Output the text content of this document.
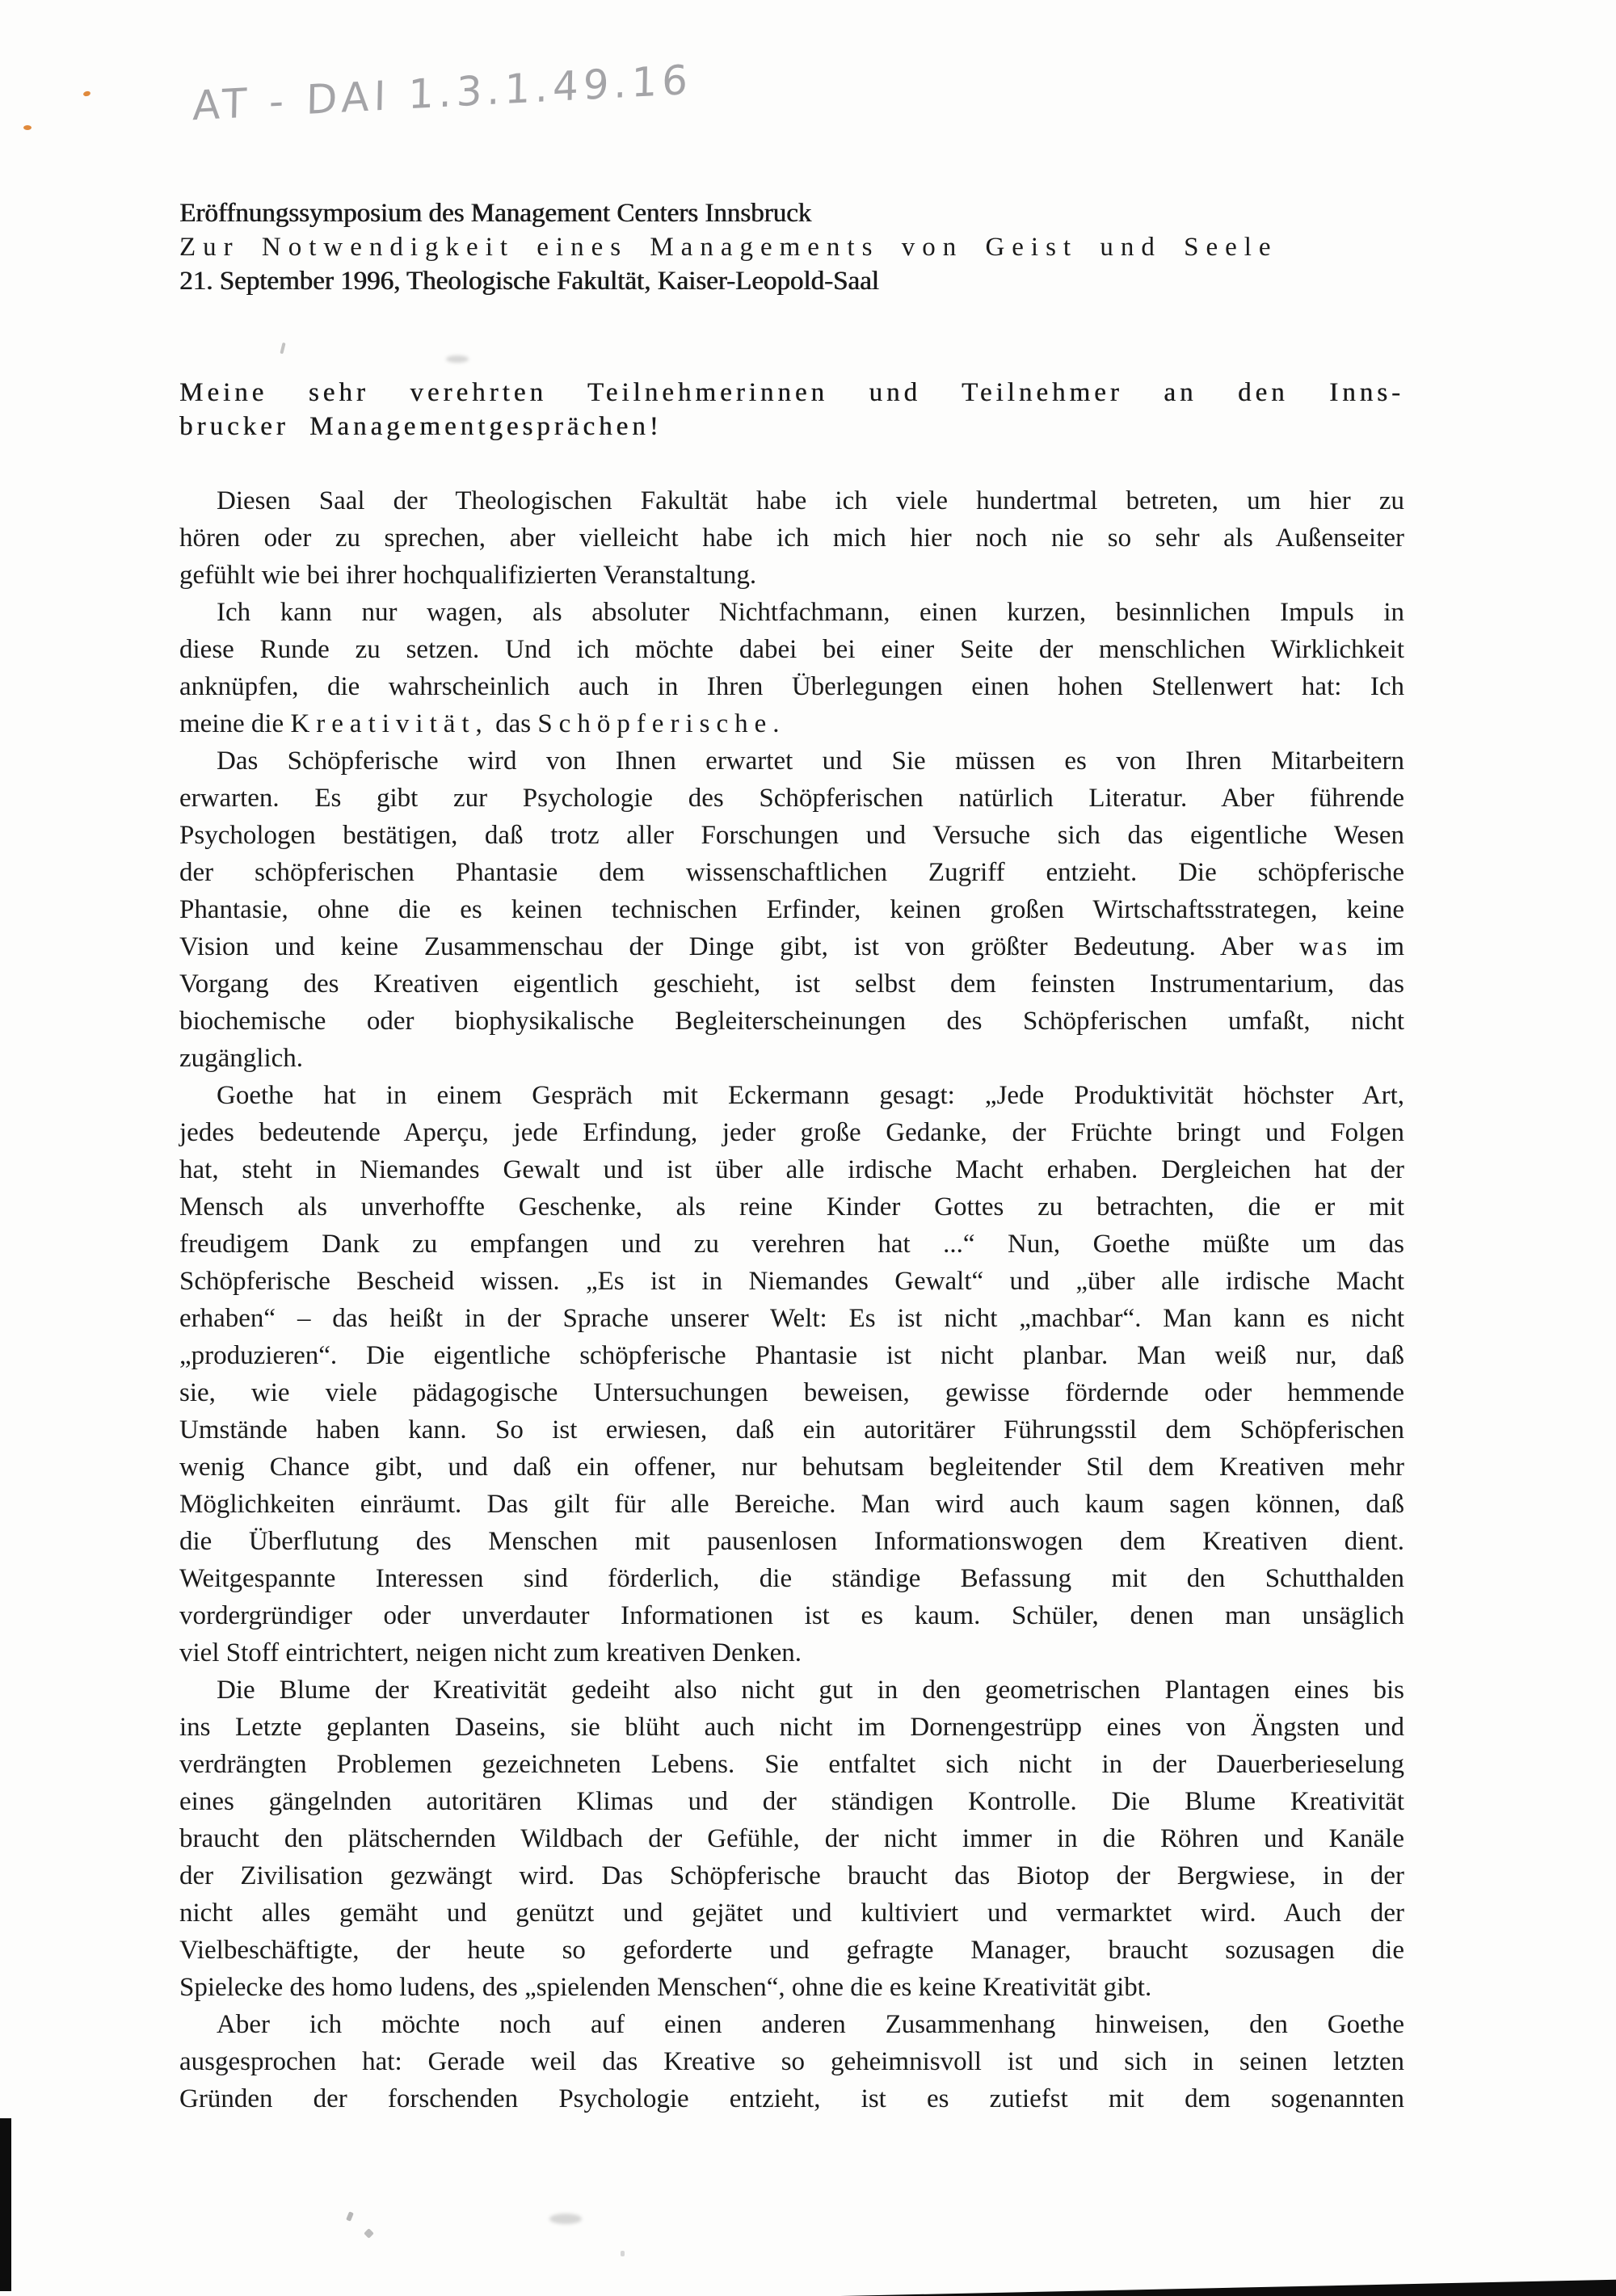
AT - DAI 1.3.1.49.16
Eröffnungssymposium des Management Centers Innsbruck
Zur Notwendigkeit eines Managements von Geist und Seele
21. September 1996, Theologische Fakultät, Kaiser-Leopold-Saal
Meine sehr verehrten Teilnehmerinnen und Teilnehmer an den Inns-
brucker Managementgesprächen!
Diesen Saal der Theologischen Fakultät habe ich viele hundertmal betreten, um hier zu
hören oder zu sprechen, aber vielleicht habe ich mich hier noch nie so sehr als Außenseiter
gefühlt wie bei ihrer hochqualifizierten Veranstaltung.
Ich kann nur wagen, als absoluter Nichtfachmann, einen kurzen, besinnlichen Impuls in
diese Runde zu setzen. Und ich möchte dabei bei einer Seite der menschlichen Wirklichkeit
anknüpfen, die wahrscheinlich auch in Ihren Überlegungen einen hohen Stellenwert hat: Ich
meine die Kreativität, das Schöpferische.
Das Schöpferische wird von Ihnen erwartet und Sie müssen es von Ihren Mitarbeitern
erwarten. Es gibt zur Psychologie des Schöpferischen natürlich Literatur. Aber führende
Psychologen bestätigen, daß trotz aller Forschungen und Versuche sich das eigentliche Wesen
der schöpferischen Phantasie dem wissenschaftlichen Zugriff entzieht. Die schöpferische
Phantasie, ohne die es keinen technischen Erfinder, keinen großen Wirtschaftsstrategen, keine
Vision und keine Zusammenschau der Dinge gibt, ist von größter Bedeutung. Aber was im
Vorgang des Kreativen eigentlich geschieht, ist selbst dem feinsten Instrumentarium, das
biochemische oder biophysikalische Begleiterscheinungen des Schöpferischen umfaßt, nicht
zugänglich.
Goethe hat in einem Gespräch mit Eckermann gesagt: „Jede Produktivität höchster Art,
jedes bedeutende Aperçu, jede Erfindung, jeder große Gedanke, der Früchte bringt und Folgen
hat, steht in Niemandes Gewalt und ist über alle irdische Macht erhaben. Dergleichen hat der
Mensch als unverhoffte Geschenke, als reine Kinder Gottes zu betrachten, die er mit
freudigem Dank zu empfangen und zu verehren hat ...“ Nun, Goethe müßte um das
Schöpferische Bescheid wissen. „Es ist in Niemandes Gewalt“ und „über alle irdische Macht
erhaben“ – das heißt in der Sprache unserer Welt: Es ist nicht „machbar“. Man kann es nicht
„produzieren“. Die eigentliche schöpferische Phantasie ist nicht planbar. Man weiß nur, daß
sie, wie viele pädagogische Untersuchungen beweisen, gewisse fördernde oder hemmende
Umstände haben kann. So ist erwiesen, daß ein autoritärer Führungsstil dem Schöpferischen
wenig Chance gibt, und daß ein offener, nur behutsam begleitender Stil dem Kreativen mehr
Möglichkeiten einräumt. Das gilt für alle Bereiche. Man wird auch kaum sagen können, daß
die Überflutung des Menschen mit pausenlosen Informationswogen dem Kreativen dient.
Weitgespannte Interessen sind förderlich, die ständige Befassung mit den Schutthalden
vordergründiger oder unverdauter Informationen ist es kaum. Schüler, denen man unsäglich
viel Stoff eintrichtert, neigen nicht zum kreativen Denken.
Die Blume der Kreativität gedeiht also nicht gut in den geometrischen Plantagen eines bis
ins Letzte geplanten Daseins, sie blüht auch nicht im Dornengestrüpp eines von Ängsten und
verdrängten Problemen gezeichneten Lebens. Sie entfaltet sich nicht in der Dauerberieselung
eines gängelnden autoritären Klimas und der ständigen Kontrolle. Die Blume Kreativität
braucht den plätschernden Wildbach der Gefühle, der nicht immer in die Röhren und Kanäle
der Zivilisation gezwängt wird. Das Schöpferische braucht das Biotop der Bergwiese, in der
nicht alles gemäht und genützt und gejätet und kultiviert und vermarktet wird. Auch der
Vielbeschäftigte, der heute so geforderte und gefragte Manager, braucht sozusagen die
Spielecke des homo ludens, des „spielenden Menschen“, ohne die es keine Kreativität gibt.
Aber ich möchte noch auf einen anderen Zusammenhang hinweisen, den Goethe
ausgesprochen hat: Gerade weil das Kreative so geheimnisvoll ist und sich in seinen letzten
Gründen der forschenden Psychologie entzieht, ist es zutiefst mit dem sogenannten
